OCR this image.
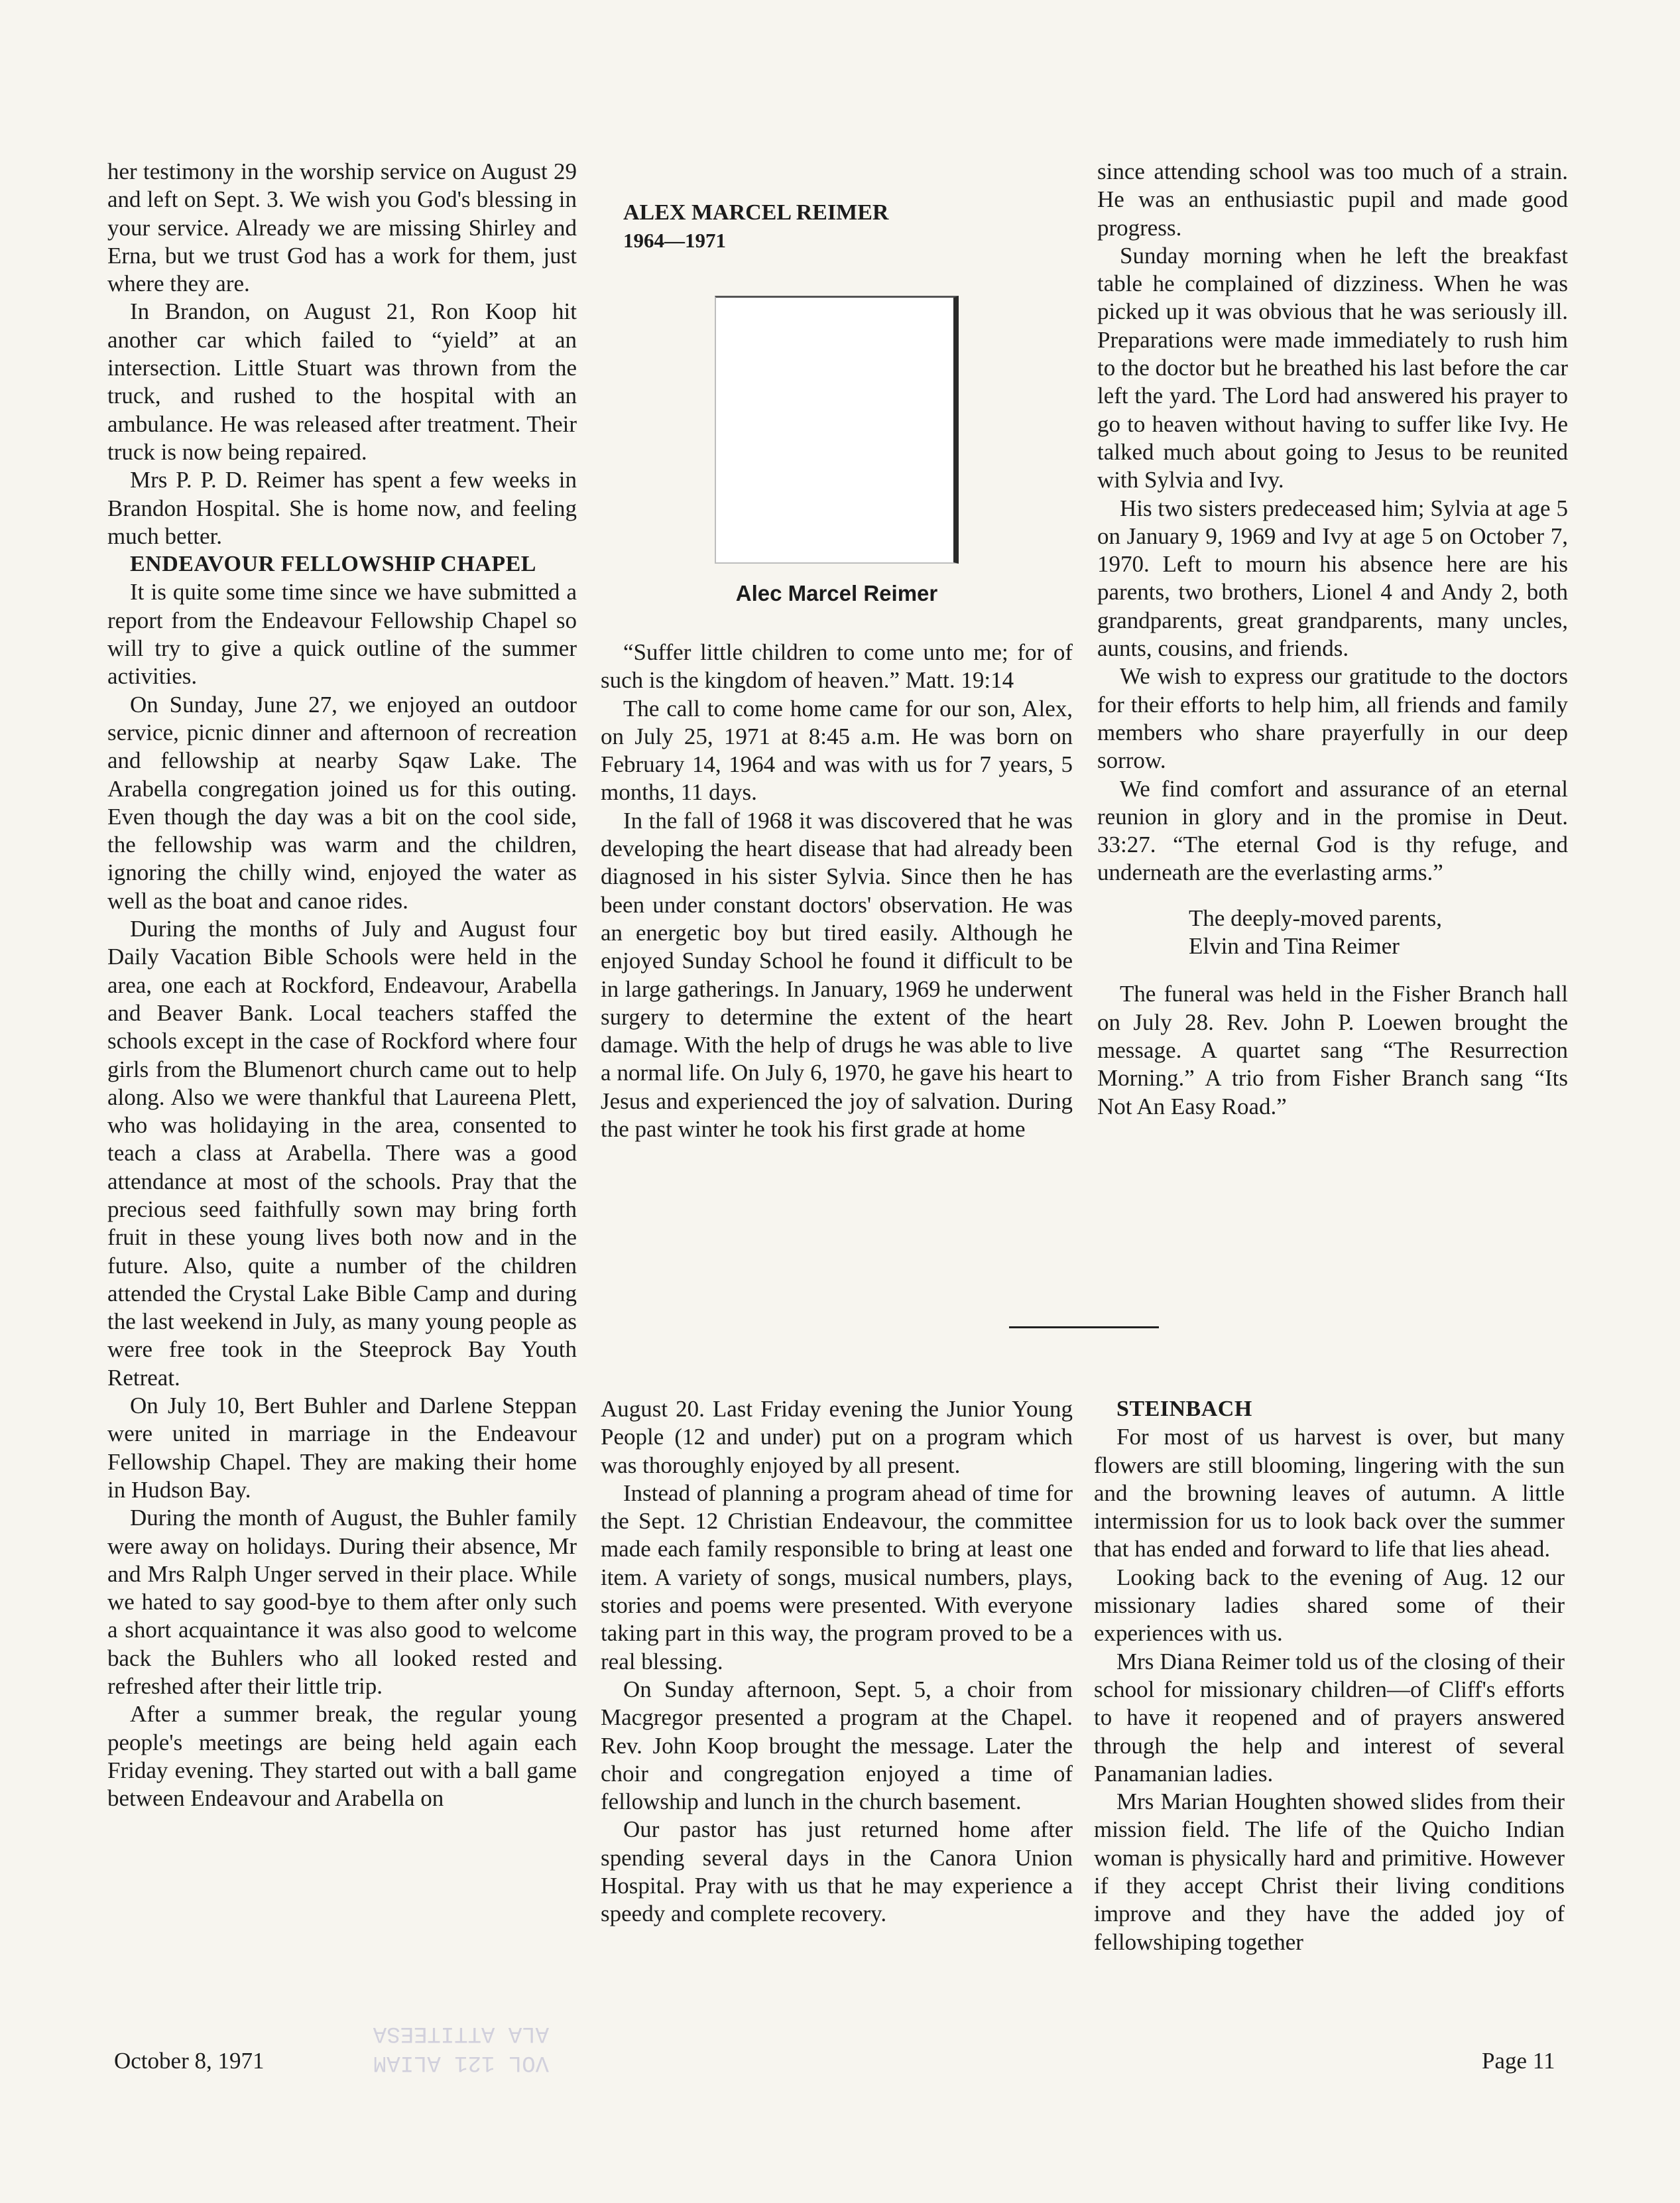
her testimony in the worship service on August 29 and left on Sept. 3. We wish you God's blessing in your service. Already we are missing Shirley and Erna, but we trust God has a work for them, just where they are.

In Brandon, on August 21, Ron Koop hit another car which failed to “yield” at an intersection. Little Stuart was thrown from the truck, and rushed to the hospital with an ambulance. He was released after treatment. Their truck is now being repaired.

Mrs P. P. D. Reimer has spent a few weeks in Brandon Hospital. She is home now, and feeling much better.

ENDEAVOUR FELLOWSHIP CHAPEL

It is quite some time since we have submitted a report from the Endeavour Fellowship Chapel so will try to give a quick outline of the summer activities.

On Sunday, June 27, we enjoyed an outdoor service, picnic dinner and afternoon of recreation and fellowship at nearby Sqaw Lake. The Arabella congregation joined us for this outing. Even though the day was a bit on the cool side, the fellowship was warm and the children, ignoring the chilly wind, enjoyed the water as well as the boat and canoe rides.

During the months of July and August four Daily Vacation Bible Schools were held in the area, one each at Rockford, Endeavour, Arabella and Beaver Bank. Local teachers staffed the schools except in the case of Rockford where four girls from the Blumenort church came out to help along. Also we were thankful that Laureena Plett, who was holidaying in the area, consented to teach a class at Arabella. There was a good attendance at most of the schools. Pray that the precious seed faithfully sown may bring forth fruit in these young lives both now and in the future. Also, quite a number of the children attended the Crystal Lake Bible Camp and during the last weekend in July, as many young people as were free took in the Steeprock Bay Youth Retreat.

On July 10, Bert Buhler and Darlene Steppan were united in marriage in the Endeavour Fellowship Chapel. They are making their home in Hudson Bay.

During the month of August, the Buhler family were away on holidays. During their absence, Mr and Mrs Ralph Unger served in their place. While we hated to say good-bye to them after only such a short acquaintance it was also good to welcome back the Buhlers who all looked rested and refreshed after their little trip.

After a summer break, the regular young people's meetings are being held again each Friday evening. They started out with a ball game between Endeavour and Arabella on

ALEX MARCEL REIMER

1964—1971

Alec Marcel Reimer

“Suffer little children to come unto me; for of such is the kingdom of heaven.” Matt. 19:14

The call to come home came for our son, Alex, on July 25, 1971 at 8:45 a.m. He was born on February 14, 1964 and was with us for 7 years, 5 months, 11 days.

In the fall of 1968 it was discovered that he was developing the heart disease that had already been diagnosed in his sister Sylvia. Since then he has been under constant doctors' observation. He was an energetic boy but tired easily. Although he enjoyed Sunday School he found it difficult to be in large gatherings. In January, 1969 he underwent surgery to determine the extent of the heart damage. With the help of drugs he was able to live a normal life. On July 6, 1970, he gave his heart to Jesus and experienced the joy of salvation. During the past winter he took his first grade at home

since attending school was too much of a strain. He was an enthusiastic pupil and made good progress.

Sunday morning when he left the breakfast table he complained of dizziness. When he was picked up it was obvious that he was seriously ill. Preparations were made immediately to rush him to the doctor but he breathed his last before the car left the yard. The Lord had answered his prayer to go to heaven without having to suffer like Ivy. He talked much about going to Jesus to be reunited with Sylvia and Ivy.

His two sisters predeceased him; Sylvia at age 5 on January 9, 1969 and Ivy at age 5 on October 7, 1970. Left to mourn his absence here are his parents, two brothers, Lionel 4 and Andy 2, both grandparents, great grandparents, many uncles, aunts, cousins, and friends.

We wish to express our gratitude to the doctors for their efforts to help him, all friends and family members who share prayerfully in our deep sorrow.

We find comfort and assurance of an eternal reunion in glory and in the promise in Deut. 33:27. “The eternal God is thy refuge, and underneath are the everlasting arms.”

The deeply-moved parents,
Elvin and Tina Reimer

The funeral was held in the Fisher Branch hall on July 28. Rev. John P. Loewen brought the message. A quartet sang “The Resurrection Morning.” A trio from Fisher Branch sang “Its Not An Easy Road.”

August 20. Last Friday evening the Junior Young People (12 and under) put on a program which was thoroughly enjoyed by all present.

Instead of planning a program ahead of time for the Sept. 12 Christian Endeavour, the committee made each family responsible to bring at least one item. A variety of songs, musical numbers, plays, stories and poems were presented. With everyone taking part in this way, the program proved to be a real blessing.

On Sunday afternoon, Sept. 5, a choir from Macgregor presented a program at the Chapel. Rev. John Koop brought the message. Later the choir and congregation enjoyed a time of fellowship and lunch in the church basement.

Our pastor has just returned home after spending several days in the Canora Union Hospital. Pray with us that he may experience a speedy and complete recovery.

STEINBACH

For most of us harvest is over, but many flowers are still blooming, lingering with the sun and the browning leaves of autumn. A little intermission for us to look back over the summer that has ended and forward to life that lies ahead.

Looking back to the evening of Aug. 12 our missionary ladies shared some of their experiences with us.

Mrs Diana Reimer told us of the closing of their school for missionary children—of Cliff's efforts to have it reopened and of prayers answered through the help and interest of several Panamanian ladies.

Mrs Marian Houghten showed slides from their mission field. The life of the Quicho Indian woman is physically hard and primitive. However if they accept Christ their living conditions improve and they have the added joy of fellowshiping together

October 8, 1971	VOL 121 ALIAM
ALA ATTITEESA
Page 11
